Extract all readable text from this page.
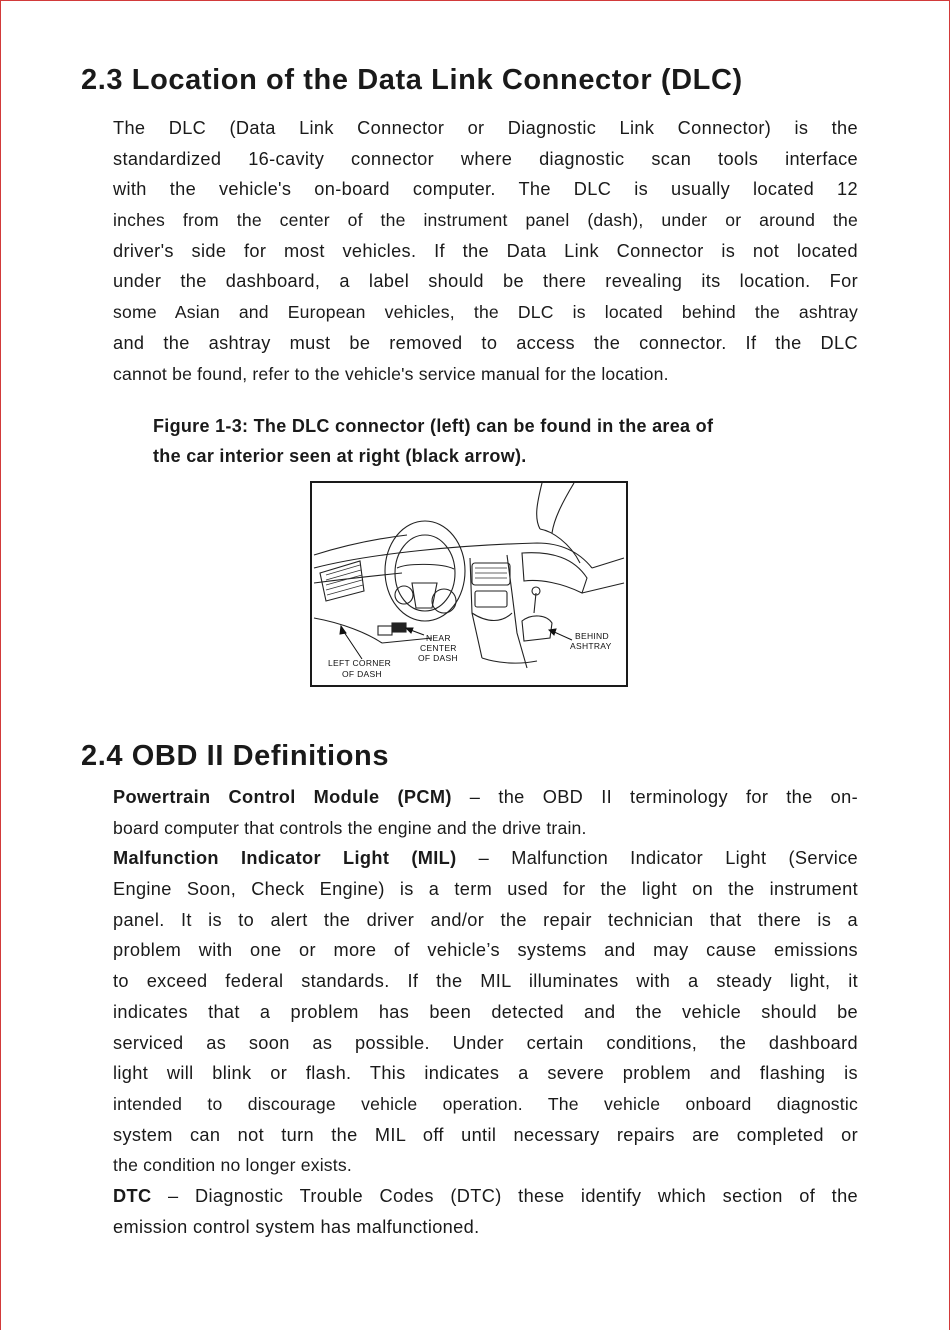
2.3 Location of the Data Link Connector (DLC)
The DLC (Data Link Connector or Diagnostic Link Connector) is the
standardized 16-cavity connector where diagnostic scan tools interface
with the vehicle's on-board computer. The DLC is usually located 12
inches from the center of the instrument panel (dash), under or around the
driver's side for most vehicles. If the Data Link Connector is not located
under the dashboard, a label should be there revealing its location. For
some Asian and European vehicles, the DLC is located behind the ashtray
and the ashtray must be removed to access the connector. If the DLC
cannot be found, refer to the vehicle's service manual for the location.
Figure 1-3: The DLC connector (left) can be found in the area of
the car interior seen at right (black arrow).
NEAR
CENTER
OF DASH
LEFT CORNER
OF DASH
BEHIND
ASHTRAY
2.4 OBD II Definitions
Powertrain Control Module (PCM) – the OBD II terminology for the on-
board computer that controls the engine and the drive train.
Malfunction Indicator Light (MIL) – Malfunction Indicator Light (Service
Engine Soon, Check Engine) is a term used for the light on the instrument
panel. It is to alert the driver and/or the repair technician that there is a
problem with one or more of vehicle’s systems and may cause emissions
to exceed federal standards. If the MIL illuminates with a steady light, it
indicates that a problem has been detected and the vehicle should be
serviced as soon as possible. Under certain conditions, the dashboard
light will blink or flash. This indicates a severe problem and flashing is
intended to discourage vehicle operation. The vehicle onboard diagnostic
system can not turn the MIL off until necessary repairs are completed or
the condition no longer exists.
DTC – Diagnostic Trouble Codes (DTC) these identify which section of the
emission control system has malfunctioned.
